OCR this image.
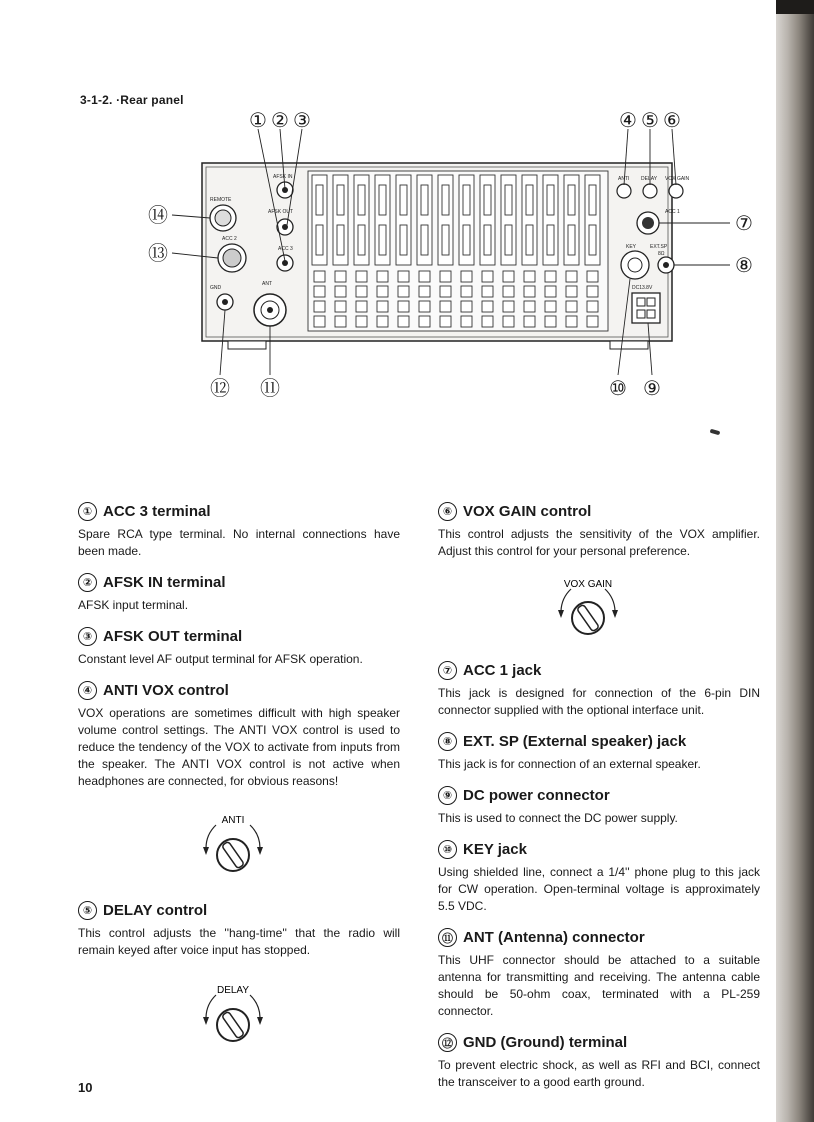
3-1-2. ·Rear panel
REMOTE
ACC 2
GND
AFSK IN
AFSK OUT
ACC 3
ANT
ANTI DELAY VOX GAIN
ACC 1
KEY	EXT.SP
8Ω
DC13.8V
① ② ③	④ ⑤ ⑥
⑦
⑧
⑨
⑩
⑪
⑫
⑬
⑭
① ACC 3 terminal

Spare RCA type terminal. No internal connections have been made.

② AFSK IN terminal

AFSK input terminal.

③ AFSK OUT terminal

Constant level AF output terminal for AFSK operation.

④ ANTI VOX control

VOX operations are sometimes difficult with high speaker volume control settings. The ANTI VOX control is used to reduce the tendency of the VOX to activate from inputs from the speaker. The ANTI VOX control is not active when headphones are connected, for obvious reasons!

ANTI
⑤ DELAY control

This control adjusts the ''hang-time'' that the radio will remain keyed after voice input has stopped.

DELAY
⑥ VOX GAIN control

This control adjusts the sensitivity of the VOX amplifier. Adjust this control for your personal preference.

VOX GAIN
⑦ ACC 1 jack

This jack is designed for connection of the 6-pin DIN connector supplied with the optional interface unit.

⑧ EXT. SP (External speaker) jack

This jack is for connection of an external speaker.

⑨ DC power connector

This is used to connect the DC power supply.

⑩ KEY jack

Using shielded line, connect a 1/4'' phone plug to this jack for CW operation. Open-terminal voltage is approximately 5.5 VDC.

⑪ ANT (Antenna) connector

This UHF connector should be attached to a suitable antenna for transmitting and receiving. The antenna cable should be 50-ohm coax, terminated with a PL-259 connector.

⑫ GND (Ground) terminal

To prevent electric shock, as well as RFI and BCI, connect the transceiver to a good earth ground.

10
